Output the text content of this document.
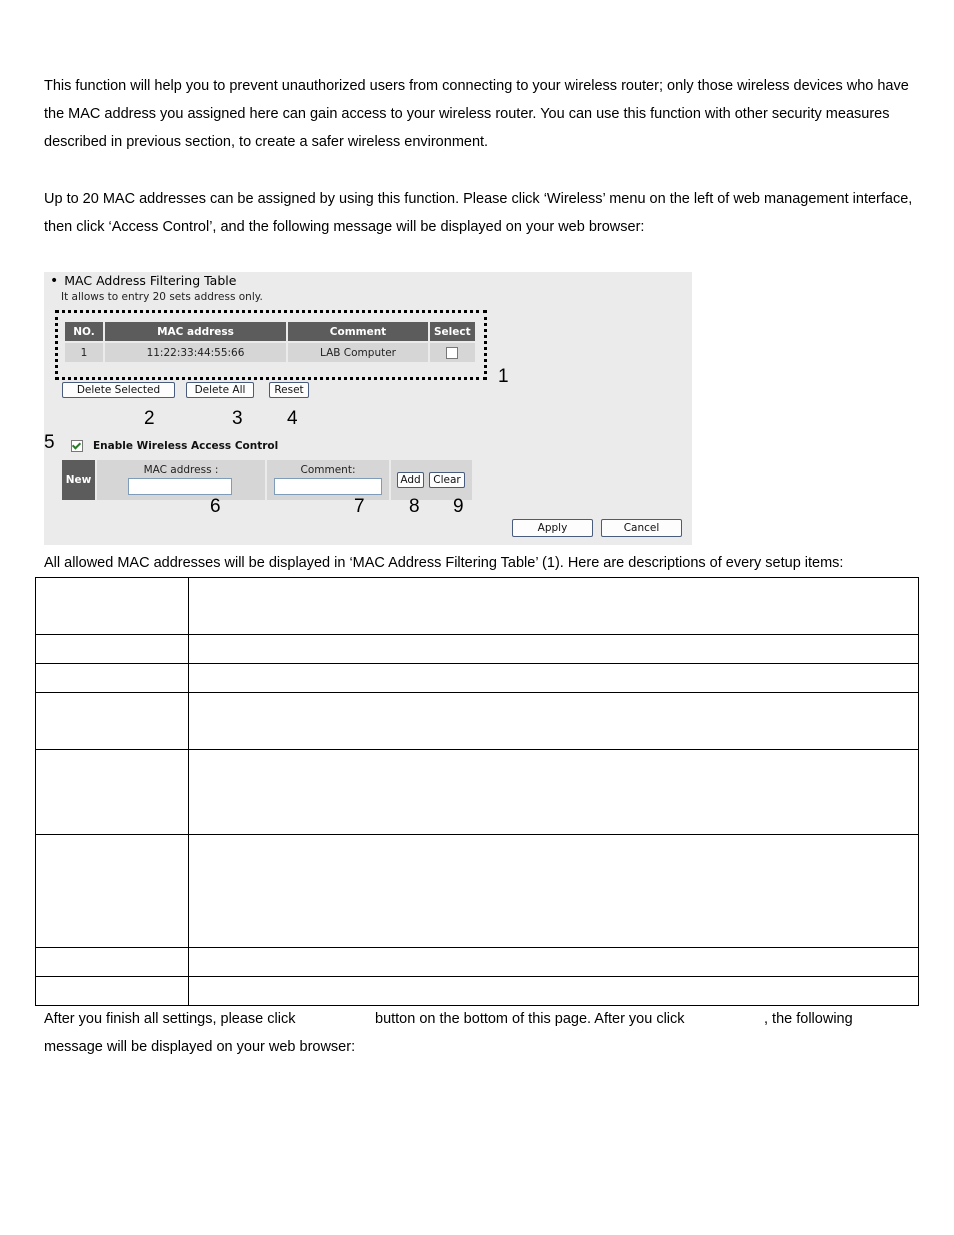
This function will help you to prevent unauthorized users from connecting to your wireless router; only those wireless devices who have the MAC address you assigned here can gain access to your wireless router. You can use this function with other security measures described in previous section, to create a safer wireless environment.

Up to 20 MAC addresses can be assigned by using this function. Please click ‘Wireless’ menu on the left of web management interface, then click ‘Access Control’, and the following message will be displayed on your web browser:

• MAC Address Filtering Table
It allows to entry 20 sets address only.
NO.	MAC address	Comment	Select
1	11:22:33:44:55:66	LAB Computer	
Delete Selected	Delete All	Reset
1
2	3 4
5	Enable Wireless Access Control
New
MAC address :	Comment:
Add	Clear
6	7 8 9
Apply	Cancel

All allowed MAC addresses will be displayed in ‘MAC Address Filtering Table’ (1). Here are descriptions of every setup items:

After you finish all settings, please click	button on the bottom of this page. After you click	, the following
message will be displayed on your web browser:
